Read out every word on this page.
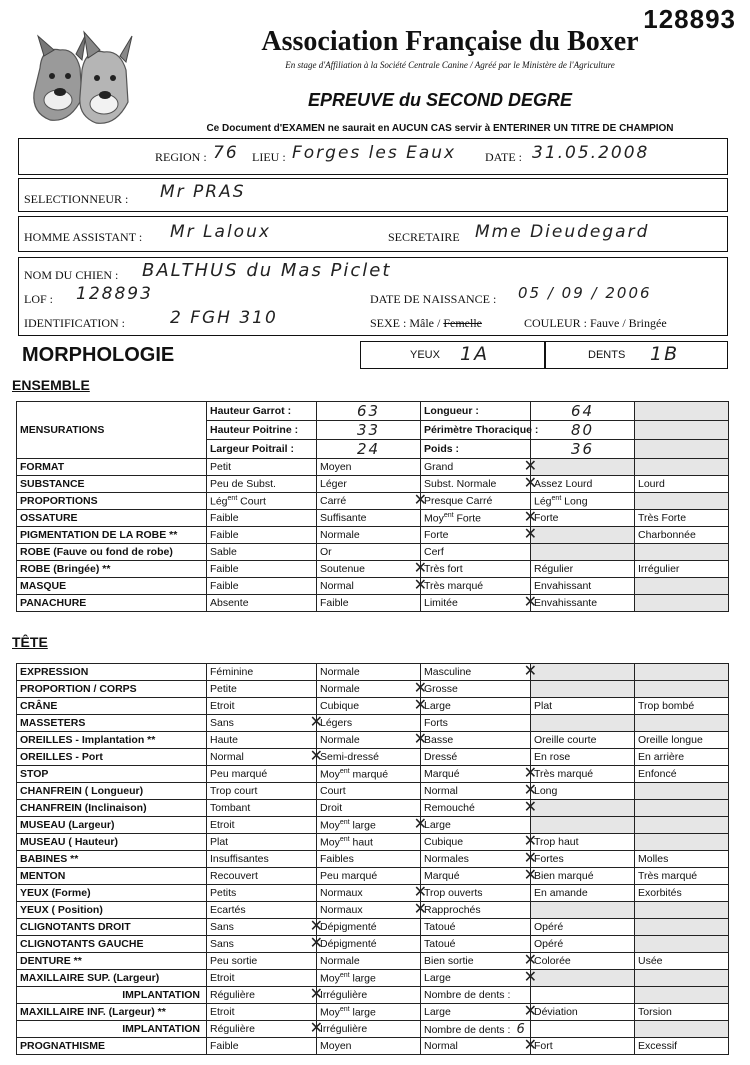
128893
Association Française du Boxer
En stage d'Affiliation à la Société Centrale Canine / Agréé par le Ministère de l'Agriculture
EPREUVE du SECOND DEGRE
Ce Document d'EXAMEN ne saurait en AUCUN CAS servir à ENTERINER UN TITRE DE CHAMPION
REGION : 76 LIEU : Forges les Eaux DATE : 31.05.2008
SELECTIONNEUR : Mr PRAS
HOMME ASSISTANT : Mr Laloux	SECRETAIRE Mme Dieudegard
NOM DU CHIEN : BALTHUS du Mas Piclet
LOF : 128893	DATE DE NAISSANCE : 05 / 09 / 2006
IDENTIFICATION :	2 FGH 310	SEXE : Mâle / Femelle	COULEUR : Fauve / Bringée
MORPHOLOGIE	YEUX 1A	DENTS 1B
ENSEMBLE
MENSURATIONS	Hauteur Garrot :	63	Longueur :	64	
	Hauteur Poitrine :	33	Périmètre Thoracique :	80	
	Largeur Poitrail :	24	Poids :	36	
FORMAT	Petit	Moyen	Grand ✕		

SUBSTANCE	Peu de Subst.	Léger	Subst. Normale ✕	Assez Lourd	Lourd
PROPORTIONS	Lég$^{ent}$ Court	Carré ✕	Presque Carré	Lég$^{ent}$ Long	
OSSATURE	Faible	Suffisante	Moy$^{ent}$ Forte ✕	Forte	Très Forte
PIGMENTATION DE LA ROBE **	Faible	Normale	Forte ✕		Charbonnée
ROBE (Fauve ou fond de robe)	Sable	Or	Cerf		
ROBE (Bringée) **	Faible	Soutenue ✕	Très fort	Régulier	Irrégulier
MASQUE	Faible	Normal ✕	Très marqué	Envahissant	
PANACHURE	Absente	Faible	Limitée ✕	Envahissante	
TÊTE
EXPRESSION	Féminine	Normale	Masculine ✕		

PROPORTION / CORPS	Petite	Normale ✕	Grosse		
CRÂNE	Etroit	Cubique ✕	Large	Plat	Trop bombé
MASSETERS	Sans ✕	Légers	Forts		
OREILLES - Implantation **	Haute	Normale ✕	Basse	Oreille courte	Oreille longue
OREILLES - Port	Normal ✕	Semi-dressé	Dressé	En rose	En arrière
STOP	Peu marqué	Moy$^{ent}$ marqué	Marqué ✕	Très marqué	Enfoncé
CHANFREIN ( Longueur)	Trop court	Court	Normal ✕	Long	
CHANFREIN (Inclinaison)	Tombant	Droit	Remouché ✕		

MUSEAU (Largeur)	Etroit	Moy$^{ent}$ large ✕	Large		
MUSEAU ( Hauteur)	Plat	Moy$^{ent}$ haut	Cubique ✕	Trop haut	
BABINES **	Insuffisantes	Faibles	Normales ✕	Fortes	Molles
MENTON	Recouvert	Peu marqué	Marqué ✕	Bien marqué	Très marqué
YEUX (Forme)	Petits	Normaux ✕	Trop ouverts	En amande	Exorbités
YEUX ( Position)	Ecartés	Normaux ✕	Rapprochés		
CLIGNOTANTS DROIT	Sans ✕	Dépigmenté	Tatoué	Opéré	
CLIGNOTANTS GAUCHE	Sans ✕	Dépigmenté	Tatoué	Opéré	
DENTURE **	Peu sortie	Normale	Bien sortie ✕	Colorée	Usée
MAXILLAIRE SUP. (Largeur)	Etroit	Moy$^{ent}$ large	Large ✕		

IMPLANTATION	Régulière ✕	Irrégulière	Nombre de dents :		
MAXILLAIRE INF. (Largeur) **	Etroit	Moy$^{ent}$ large	Large ✕	Déviation	Torsion
IMPLANTATION	Régulière ✕	Irrégulière	Nombre de dents : 6		
PROGNATHISME	Faible	Moyen	Normal ✕	Fort	Excessif
